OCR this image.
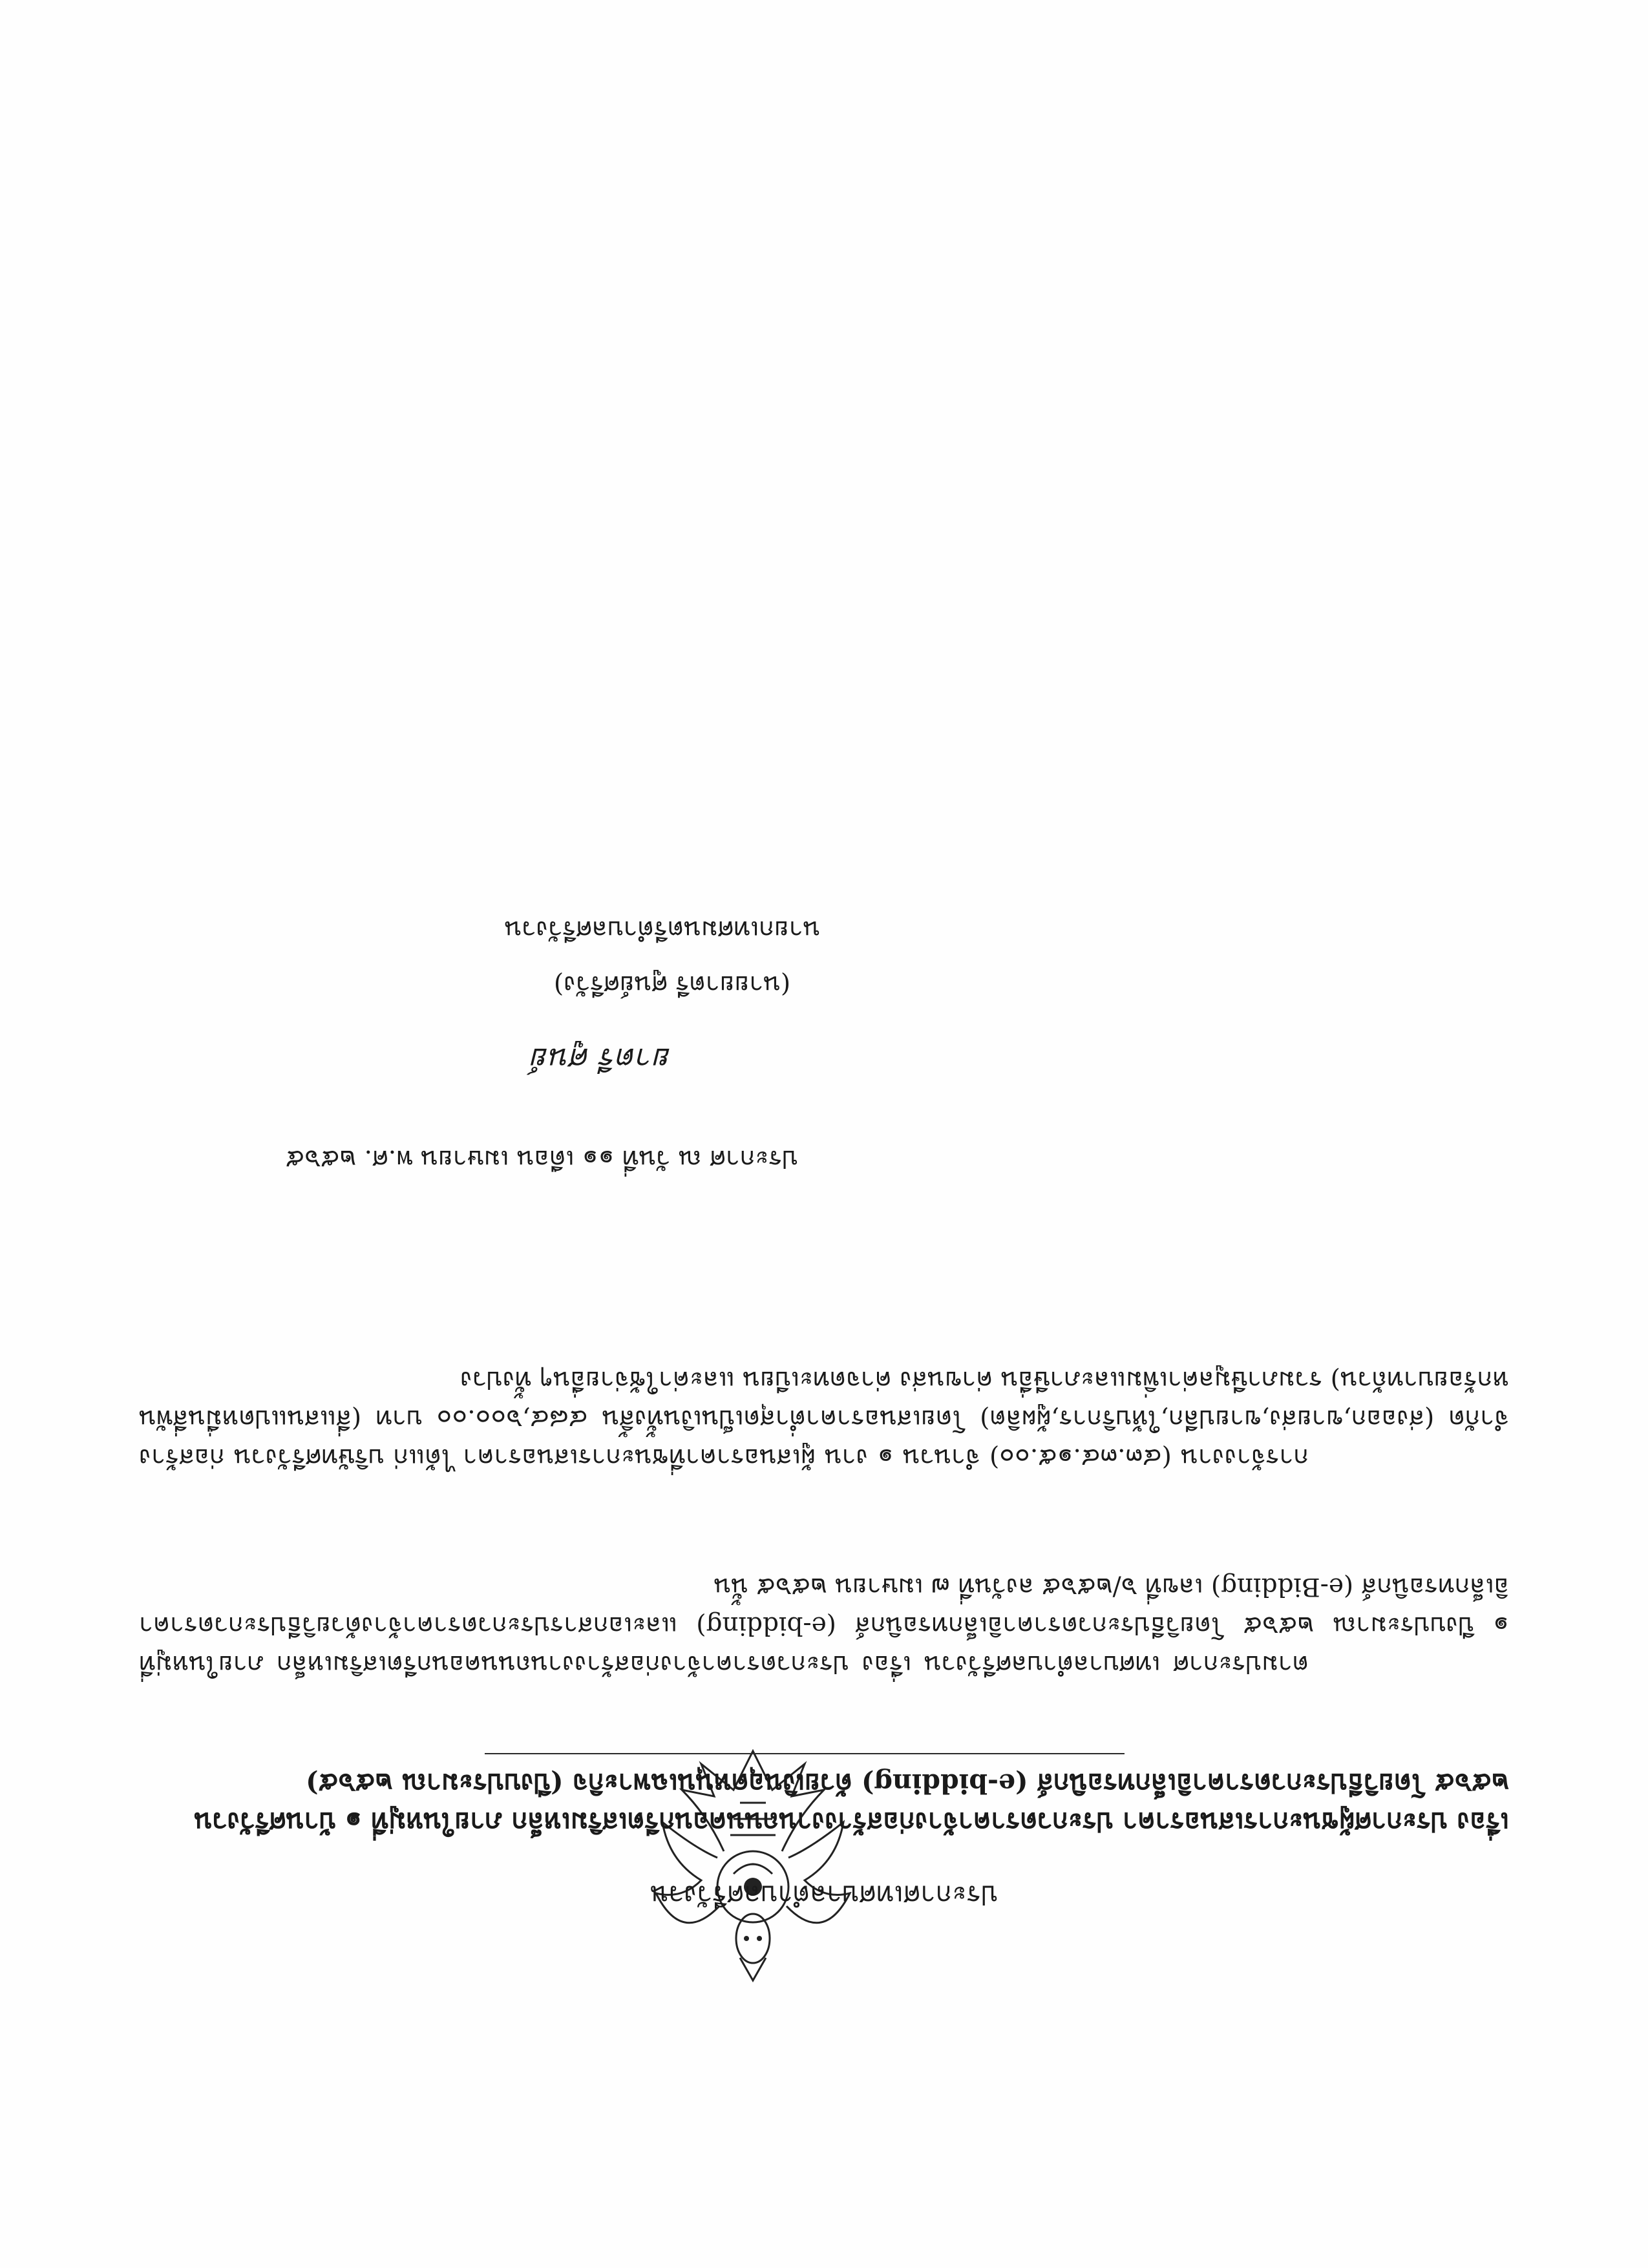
ประกาศเทศบาลตำบลศรีวังวน
เรื่อง ประกาศผู้ชนะการเสนอราคา ประกวดราคาจ้างก่อสร้างงานถนนคอนกรีตเสริมเหล็ก ภายในหมู่ที่ ๑ บ้านศรีวังวน ๒๕๖๕ โดยวิธีประกวดราคาอิเล็กทรอนิกส์ (e-bidding) ด้วยเงินอุดหนุนเฉพาะกิจ (ปีงบประมาณ ๒๕๖๕)
ตามประกาศ เทศบาลตำบลศรีวังวน เรื่อง ประกวดราคาจ้างก่อสร้างงานถนนคอนกรีตเสริมเหล็ก ภายในหมู่ที่ ๑ ปีงบประมาณ ๒๕๖๕ โดยวิธีประกวดราคาอิเล็กทรอนิกส์ (e-bidding) และเอกสารประกวดราคาจ้างด้วยวิธีประกวดราคาอิเล็กทรอนิกส์ (e-Bidding) เลขที่ ๖/๒๕๖๕ ลงวันที่ ๗ เมษายน ๒๕๖๕ นั้น
การจ้างงาน (๔๓.๓๔.๑๕.๐๐) จำนวน ๑ งาน ผู้เสนอราคาที่ชนะการเสนอราคา ได้แก่ บริษัทศรีวังวน ก่อสร้าง จำกัด (ส่งออก,ขายส่ง,ขายปลีก,ให้บริการ,ผู้ผลิต) โดยเสนอราคาต่ำสุดเป็นเงินทั้งสิ้น ๔๘๔,๖๐๐.๐๐ บาท (สี่แสนแปดหมื่นสี่พันหกร้อยบาทถ้วน) รวมภาษีมูลค่าเพิ่มและภาษีอื่น ค่าขนส่ง ค่าจดทะเบียน และค่าใช้จ่ายอื่นๆ ทั้งปวง
ประกาศ ณ วันที่ ๑๑ เดือน เมษายน พ.ศ. ๒๕๖๕
ยาตรี ศูนย์
(นายยาตรี ศูนย์ศรีวัง)
นายกเทศมนตรีตำบลศรีวังวน
